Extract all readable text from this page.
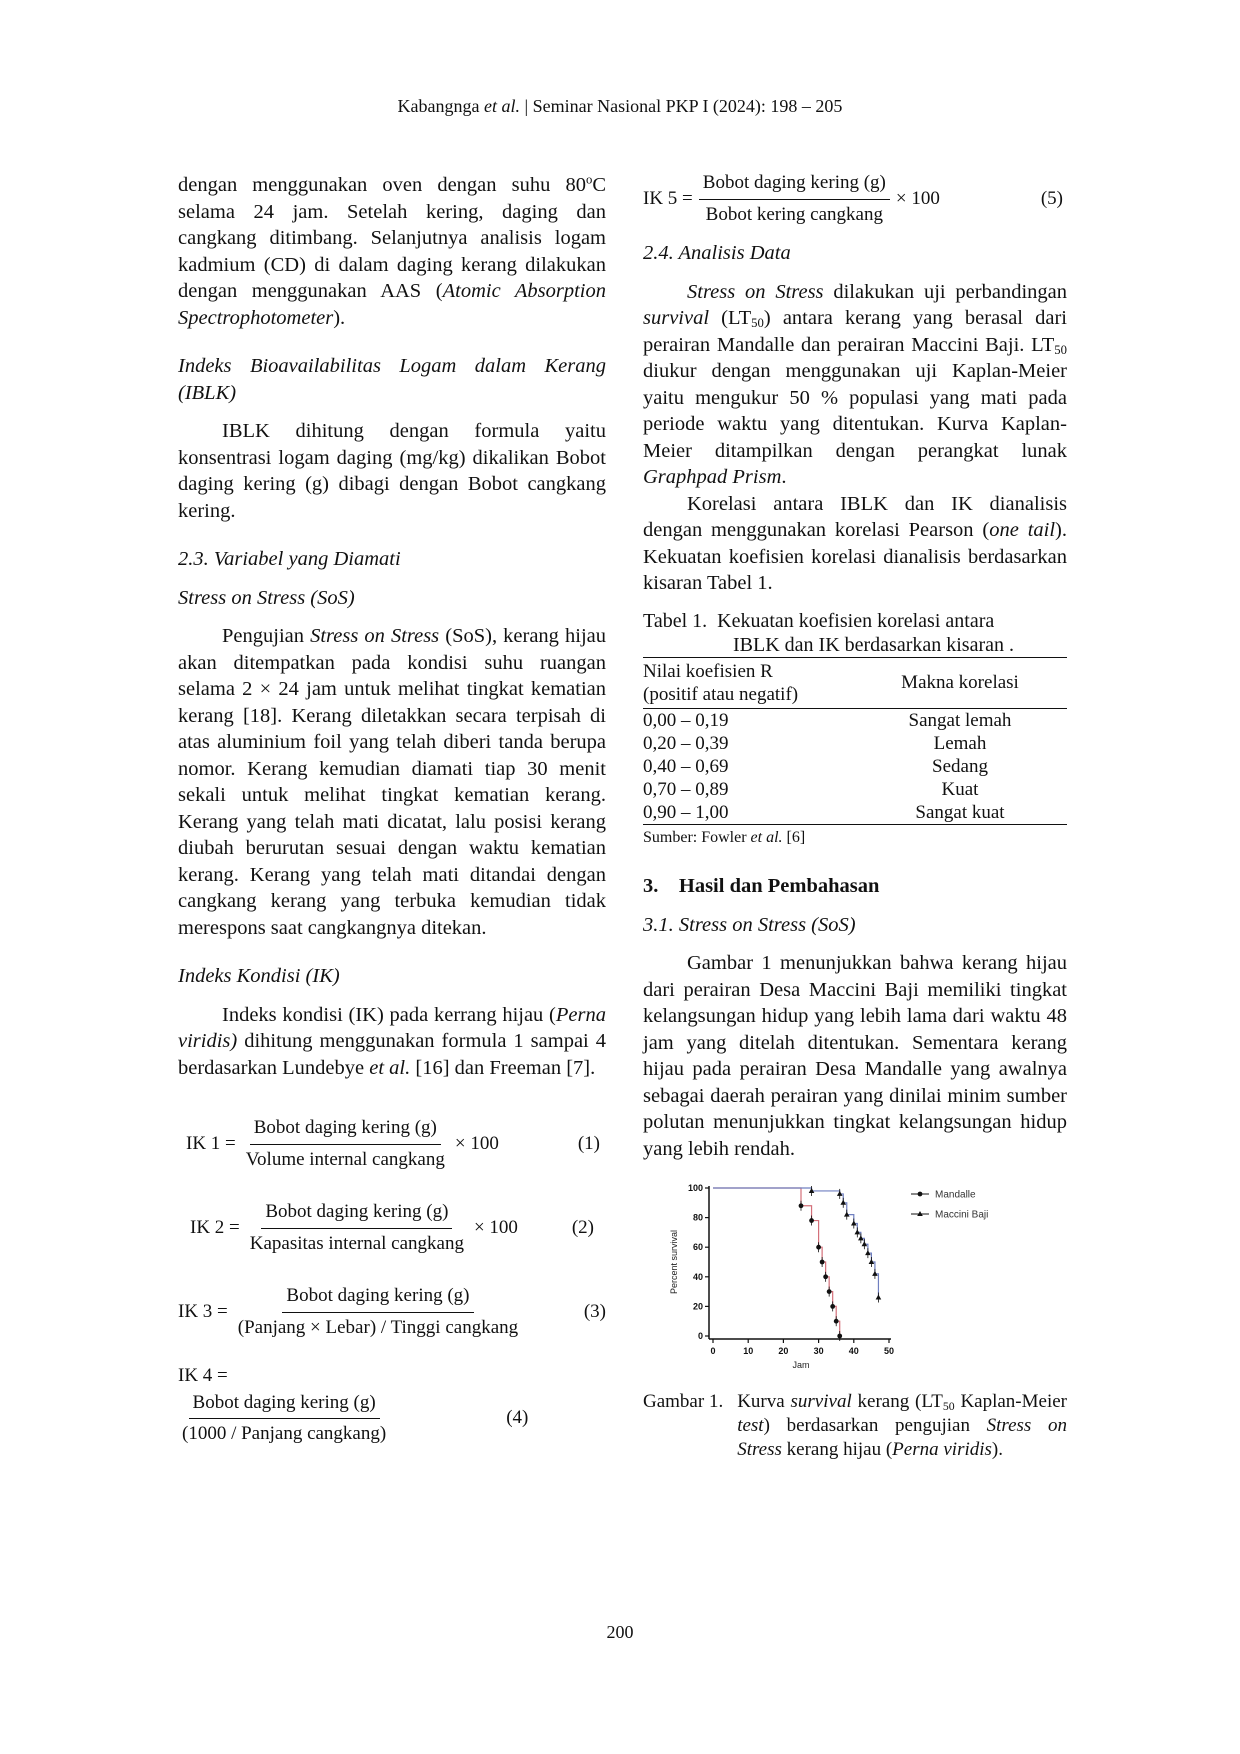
Kabangnga et al. | Seminar Nasional PKP I (2024): 198 – 205

dengan menggunakan oven dengan suhu 80$^o$C selama 24 jam. Setelah kering, daging dan cangkang ditimbang. Selanjutnya analisis logam kadmium (CD) di dalam daging kerang dilakukan dengan menggunakan AAS (Atomic Absorption Spectrophotometer).

Indeks Bioavailabilitas Logam dalam Kerang (IBLK)

IBLK dihitung dengan formula yaitu konsentrasi logam daging (mg/kg) dikalikan Bobot daging kering (g) dibagi dengan Bobot cangkang kering.

2.3. Variabel yang Diamati

Stress on Stress (SoS)

Pengujian Stress on Stress (SoS), kerang hijau akan ditempatkan pada kondisi suhu ruangan selama 2 × 24 jam untuk melihat tingkat kematian kerang [18]. Kerang diletakkan secara terpisah di atas aluminium foil yang telah diberi tanda berupa nomor. Kerang kemudian diamati tiap 30 menit sekali untuk melihat tingkat kematian kerang. Kerang yang telah mati dicatat, lalu posisi kerang diubah berurutan sesuai dengan waktu kematian kerang. Kerang yang telah mati ditandai dengan cangkang kerang yang terbuka kemudian tidak merespons saat cangkangnya ditekan.

Indeks Kondisi (IK)

Indeks kondisi (IK) pada kerrang hijau (Perna viridis) dihitung menggunakan formula 1 sampai 4 berdasarkan Lundebye et al. [16] dan Freeman [7].

IK $1 = \frac{\text{Bobot daging kering (g)}}{\text{Volume internal cangkang}} \times 100$	(1)
IK $2 = \frac{\text{Bobot daging kering (g)}}{\text{Kapasitas internal cangkang}} \times 100$	(2)
IK $3 = \frac{\text{Bobot daging kering (g)}}{\text{(Panjang × Lebar) / Tinggi cangkang}}$	(3)
IK 4 =
$\frac{\text{Bobot daging kering (g)}}{\text{(1000 / Panjang cangkang)}}$	(4)
IK $5 = \frac{\text{Bobot daging kering (g)}}{\text{Bobot kering cangkang}} \times 100$	(5)

2.4. Analisis Data

Stress on Stress dilakukan uji perbandingan survival $(LT_{50})$ antara kerang yang berasal dari perairan Mandalle dan perairan Maccini Baji. $LT_{50}$ diukur dengan menggunakan uji Kaplan-Meier yaitu mengukur 50 % populasi yang mati pada periode waktu yang ditentukan. Kurva Kaplan-Meier ditampilkan dengan perangkat lunak Graphpad Prism.

Korelasi antara IBLK dan IK dianalisis dengan menggunakan korelasi Pearson (one tail). Kekuatan koefisien korelasi dianalisis berdasarkan kisaran Tabel 1.

Tabel 1. Kekuatan koefisien korelasi antara
IBLK dan IK berdasarkan kisaran .
Nilai koefisien R
(positif atau negatif)	Makna korelasi
0,00 – 0,19	Sangat lemah
0,20 – 0,39	Lemah
0,40 – 0,69	Sedang
0,70 – 0,89	Kuat
0,90 – 1,00	Sangat kuat
Sumber: Fowler et al. [6]

3. Hasil dan Pembahasan

3.1. Stress on Stress (SoS)

Gambar 1 menunjukkan bahwa kerang hijau dari perairan Desa Maccini Baji memiliki tingkat kelangsungan hidup yang lebih lama dari waktu 48 jam yang ditelah ditentukan. Sementara kerang hijau pada perairan Desa Mandalle yang awalnya sebagai daerah perairan yang dinilai minim sumber polutan menunjukkan tingkat kelangsungan hidup yang lebih rendah.

0
20
40
60
80
100
0	10	20	30	40	50
Jam
Percent survival
Mandalle
Maccini Baji
Gambar 1. Kurva survival kerang ($LT_{50}$ Kaplan-Meier test) berdasarkan pengujian Stress on Stress kerang hijau (Perna viridis).
200
